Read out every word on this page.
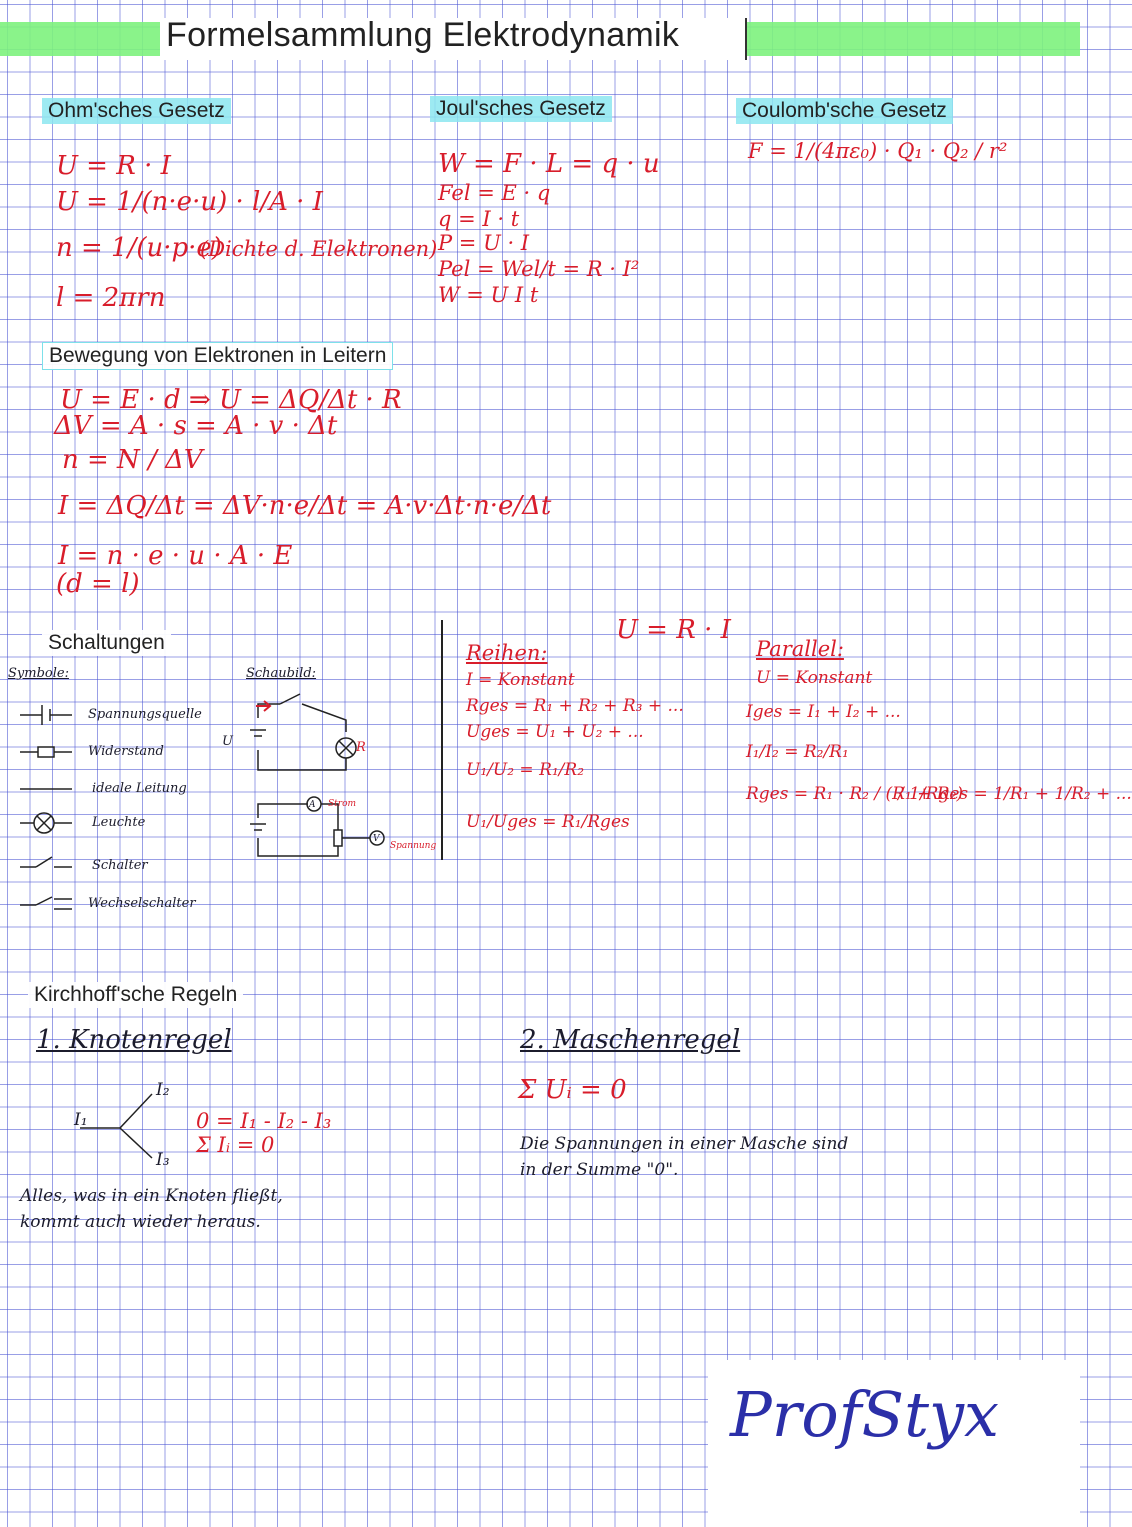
Formelsammlung Elektrodynamik
Ohm'sches Gesetz
U = R · I
U = 1/(n·e·u) · l/A · I
n = 1/(u·p·e)
(Dichte d. Elektronen)
l = 2πrn
Joul'sches Gesetz
W = F · L = q · u
Fel = E · q
q = I · t
P = U · I
Pel = Wel/t = R · I²
W = U I t
Coulomb'sche Gesetz
F = 1/(4πε₀) · Q₁ · Q₂ / r²
Bewegung von Elektronen in Leitern
U = E · d ⇒ U = ΔQ/Δt · R
ΔV = A · s = A · v · Δt
n = N / ΔV
I = ΔQ/Δt = ΔV·n·e/Δt = A·v·Δt·n·e/Δt
I = n · e · u · A · E
(d = l)
Schaltungen
Symbole:	Schaubild:
Spannungsquelle
Widerstand
ideale Leitung
Leuchte
Schalter
Wechselschalter
U	R
Strom
Spannung
A
V
U = R · I
Reihen:
I = Konstant
Rges = R₁ + R₂ + R₃ + ...
Uges = U₁ + U₂ + ...
U₁/U₂ = R₁/R₂
U₁/Uges = R₁/Rges
Parallel:
U = Konstant
Iges = I₁ + I₂ + ...
I₁/I₂ = R₂/R₁
Rges = R₁ · R₂ / (R₁ + R₂)
/ 1/Rges = 1/R₁ + 1/R₂ + ...
Kirchhoff'sche Regeln
1. Knotenregel
I₁
I₂
I₃
0 = I₁ - I₂ - I₃
Σ Iᵢ = 0
Alles, was in ein Knoten fließt,
kommt auch wieder heraus.
2. Maschenregel
Σ Uᵢ = 0
Die Spannungen in einer Masche sind
in der Summe "0".
ProfStyx
